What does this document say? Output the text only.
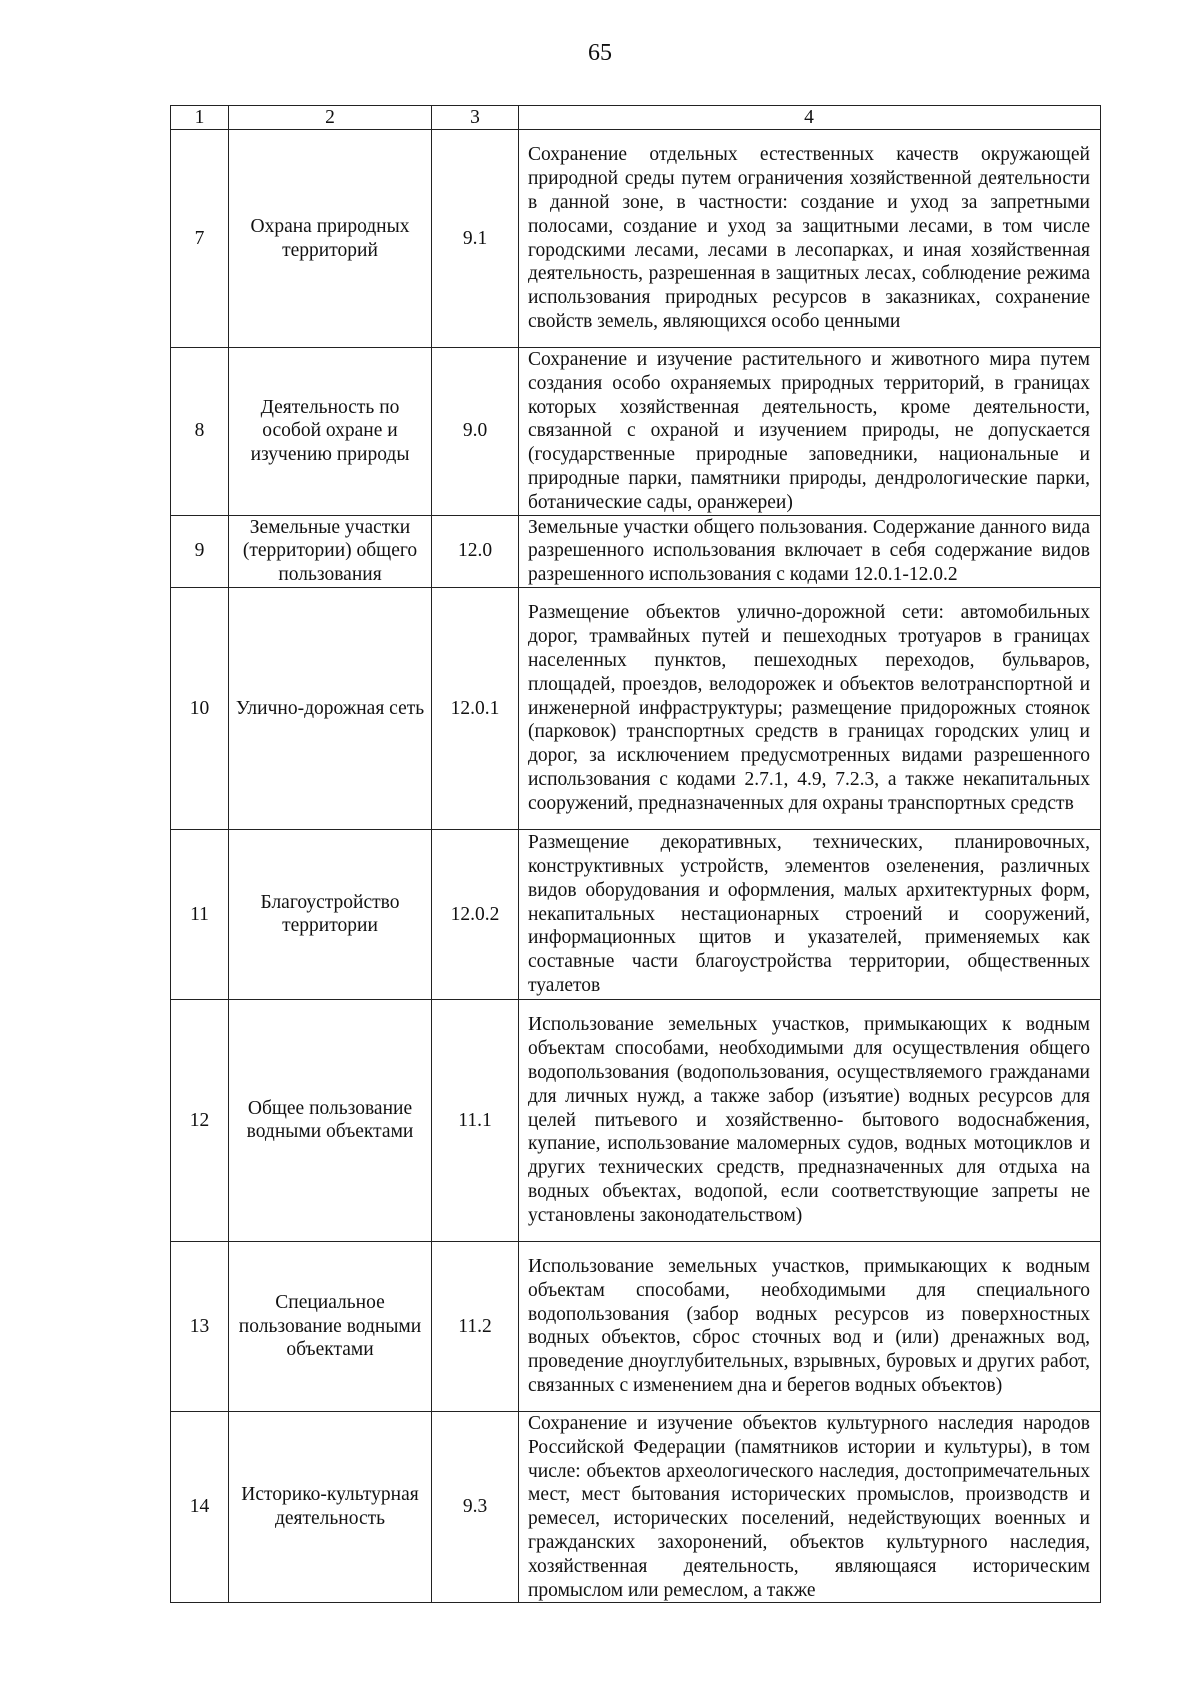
65
1	2	3	4
7	Охрана природных территорий	9.1	Сохранение отдельных естественных качеств окружающей природной среды путем ограничения хозяйственной деятельности в данной зоне, в частности: создание и уход за запретными полосами, создание и уход за защитными лесами, в том числе городскими лесами, лесами в лесопарках, и иная хозяйственная деятельность, разрешенная в защитных лесах, соблюдение режима использования природных ресурсов в заказниках, сохранение свойств земель, являющихся особо ценными
8	Деятельность по особой охране и изучению природы	9.0	Сохранение и изучение растительного и животного мира путем создания особо охраняемых природных территорий, в границах которых хозяйственная деятельность, кроме деятельности, связанной с охраной и изучением природы, не допускается (государственные природные заповедники, национальные и природные парки, памятники природы, дендрологические парки, ботанические сады, оранжереи)
9	Земельные участки (территории) общего пользования	12.0	Земельные участки общего пользования. Содержание данного вида разрешенного использования включает в себя содержание видов разрешенного использования с кодами 12.0.1-12.0.2
10	Улично-дорожная сеть	12.0.1	Размещение объектов улично-дорожной сети: автомобильных дорог, трамвайных путей и пешеходных тротуаров в границах населенных пунктов, пешеходных переходов, бульваров, площадей, проездов, велодорожек и объектов велотранспортной и инженерной инфраструктуры; размещение придорожных стоянок (парковок) транспортных средств в границах городских улиц и дорог, за исключением предусмотренных видами разрешенного использования с кодами 2.7.1, 4.9, 7.2.3, а также некапитальных сооружений, предназначенных для охраны транспортных средств
11	Благоустройство территории	12.0.2	Размещение декоративных, технических, планировочных, конструктивных устройств, элементов озеленения, различных видов оборудования и оформления, малых архитектурных форм, некапитальных нестационарных строений и сооружений, информационных щитов и указателей, применяемых как составные части благоустройства территории, общественных туалетов
12	Общее пользование водными объектами	11.1	Использование земельных участков, примыкающих к водным объектам способами, необходимыми для осуществления общего водопользования (водопользования, осуществляемого гражданами для личных нужд, а также забор (изъятие) водных ресурсов для целей питьевого и хозяйственно- бытового водоснабжения, купание, использование маломерных судов, водных мотоциклов и других технических средств, предназначенных для отдыха на водных объектах, водопой, если соответствующие запреты не установлены законодательством)
13	Специальное пользование водными объектами	11.2	Использование земельных участков, примыкающих к водным объектам способами, необходимыми для специального водопользования (забор водных ресурсов из поверхностных водных объектов, сброс сточных вод и (или) дренажных вод, проведение дноуглубительных, взрывных, буровых и других работ, связанных с изменением дна и берегов водных объектов)
14	Историко-культурная деятельность	9.3	Сохранение и изучение объектов культурного наследия народов Российской Федерации (памятников истории и культуры), в том числе: объектов археологического наследия, достопримечательных мест, мест бытования исторических промыслов, производств и ремесел, исторических поселений, недействующих военных и гражданских захоронений, объектов культурного наследия, хозяйственная деятельность, являющаяся историческим промыслом или ремеслом, а также
